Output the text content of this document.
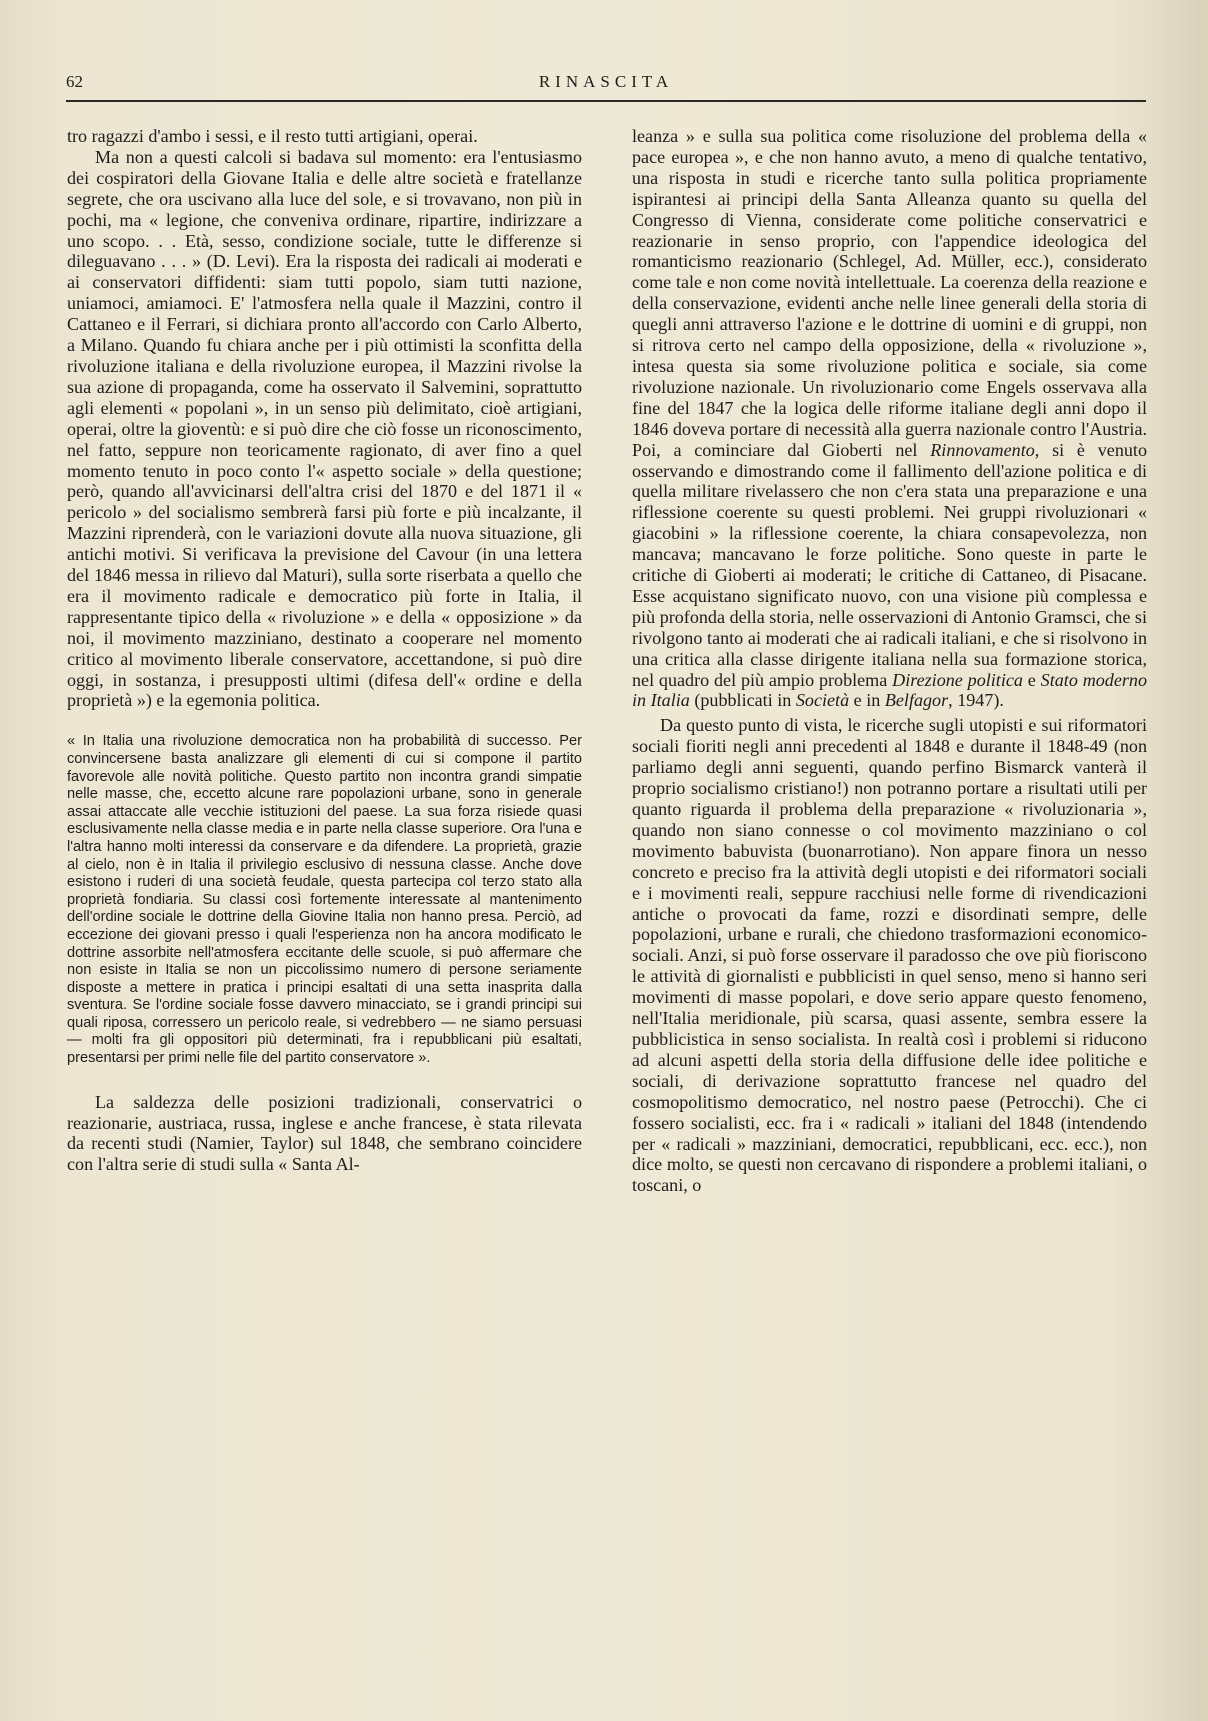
62	RINASCITA

tro ragazzi d'ambo i sessi, e il resto tutti artigiani, operai.

Ma non a questi calcoli si badava sul momento: era l'entusiasmo dei cospiratori della Giovane Italia e delle altre società e fratellanze segrete, che ora uscivano alla luce del sole, e si trovavano, non più in pochi, ma « legione, che conveniva ordinare, ripartire, indirizzare a uno scopo. . . Età, sesso, condizione sociale, tutte le differenze si dileguavano . . . » (D. Levi). Era la risposta dei radicali ai moderati e ai conservatori diffidenti: siam tutti popolo, siam tutti nazione, uniamoci, amiamoci. E' l'atmosfera nella quale il Mazzini, contro il Cattaneo e il Ferrari, si dichiara pronto all'accordo con Carlo Alberto, a Milano. Quando fu chiara anche per i più ottimisti la sconfitta della rivoluzione italiana e della rivoluzione europea, il Mazzini rivolse la sua azione di propaganda, come ha osservato il Salvemini, soprattutto agli elementi « popolani », in un senso più delimitato, cioè artigiani, operai, oltre la gioventù: e si può dire che ciò fosse un riconoscimento, nel fatto, seppure non teoricamente ragionato, di aver fino a quel momento tenuto in poco conto l'« aspetto sociale » della questione; però, quando all'avvicinarsi dell'altra crisi del 1870 e del 1871 il « pericolo » del socialismo sembrerà farsi più forte e più incalzante, il Mazzini riprenderà, con le variazioni dovute alla nuova situazione, gli antichi motivi. Si verificava la previsione del Cavour (in una lettera del 1846 messa in rilievo dal Maturi), sulla sorte riserbata a quello che era il movimento radicale e democratico più forte in Italia, il rappresentante tipico della « rivoluzione » e della « opposizione » da noi, il movimento mazziniano, destinato a cooperare nel momento critico al movimento liberale conservatore, accettandone, si può dire oggi, in sostanza, i presupposti ultimi (difesa dell'« ordine e della proprietà ») e la egemonia politica.

« In Italia una rivoluzione democratica non ha probabilità di successo. Per convincersene basta analizzare gli elementi di cui si compone il partito favorevole alle novità politiche. Questo partito non incontra grandi simpatie nelle masse, che, eccetto alcune rare popolazioni urbane, sono in generale assai attaccate alle vecchie istituzioni del paese. La sua forza risiede quasi esclusivamente nella classe media e in parte nella classe superiore. Ora l'una e l'altra hanno molti interessi da conservare e da difendere. La proprietà, grazie al cielo, non è in Italia il privilegio esclusivo di nessuna classe. Anche dove esistono i ruderi di una società feudale, questa partecipa col terzo stato alla proprietà fondiaria. Su classi così fortemente interessate al mantenimento dell'ordine sociale le dottrine della Giovine Italia non hanno presa. Perciò, ad eccezione dei giovani presso i quali l'esperienza non ha ancora modificato le dottrine assorbite nell'atmosfera eccitante delle scuole, si può affermare che non esiste in Italia se non un piccolissimo numero di persone seriamente disposte a mettere in pratica i principi esaltati di una setta inasprita dalla sventura. Se l'ordine sociale fosse davvero minacciato, se i grandi principi sui quali riposa, corressero un pericolo reale, si vedrebbero — ne siamo persuasi — molti fra gli oppositori più determinati, fra i repubblicani più esaltati, presentarsi per primi nelle file del partito conservatore ».

La saldezza delle posizioni tradizionali, conservatrici o reazionarie, austriaca, russa, inglese e anche francese, è stata rilevata da recenti studi (Namier, Taylor) sul 1848, che sembrano coincidere con l'altra serie di studi sulla « Santa Al-

leanza » e sulla sua politica come risoluzione del problema della « pace europea », e che non hanno avuto, a meno di qualche tentativo, una risposta in studi e ricerche tanto sulla politica propriamente ispirantesi ai principi della Santa Alleanza quanto su quella del Congresso di Vienna, considerate come politiche conservatrici e reazionarie in senso proprio, con l'appendice ideologica del romanticismo reazionario (Schlegel, Ad. Müller, ecc.), considerato come tale e non come novità intellettuale. La coerenza della reazione e della conservazione, evidenti anche nelle linee generali della storia di quegli anni attraverso l'azione e le dottrine di uomini e di gruppi, non si ritrova certo nel campo della opposizione, della « rivoluzione », intesa questa sia some rivoluzione politica e sociale, sia come rivoluzione nazionale. Un rivoluzionario come Engels osservava alla fine del 1847 che la logica delle riforme italiane degli anni dopo il 1846 doveva portare di necessità alla guerra nazionale contro l'Austria. Poi, a cominciare dal Gioberti nel Rinnovamento, si è venuto osservando e dimostrando come il fallimento dell'azione politica e di quella militare rivelassero che non c'era stata una preparazione e una riflessione coerente su questi problemi. Nei gruppi rivoluzionari « giacobini » la riflessione coerente, la chiara consapevolezza, non mancava; mancavano le forze politiche. Sono queste in parte le critiche di Gioberti ai moderati; le critiche di Cattaneo, di Pisacane. Esse acquistano significato nuovo, con una visione più complessa e più profonda della storia, nelle osservazioni di Antonio Gramsci, che si rivolgono tanto ai moderati che ai radicali italiani, e che si risolvono in una critica alla classe dirigente italiana nella sua formazione storica, nel quadro del più ampio problema Direzione politica e Stato moderno in Italia (pubblicati in Società e in Belfagor, 1947).

Da questo punto di vista, le ricerche sugli utopisti e sui riformatori sociali fioriti negli anni precedenti al 1848 e durante il 1848-49 (non parliamo degli anni seguenti, quando perfino Bismarck vanterà il proprio socialismo cristiano!) non potranno portare a risultati utili per quanto riguarda il problema della preparazione « rivoluzionaria », quando non siano connesse o col movimento mazziniano o col movimento babuvista (buonarrotiano). Non appare finora un nesso concreto e preciso fra la attività degli utopisti e dei riformatori sociali e i movimenti reali, seppure racchiusi nelle forme di rivendicazioni antiche o provocati da fame, rozzi e disordinati sempre, delle popolazioni, urbane e rurali, che chiedono trasformazioni economico-sociali. Anzi, si può forse osservare il paradosso che ove più fioriscono le attività di giornalisti e pubblicisti in quel senso, meno si hanno seri movimenti di masse popolari, e dove serio appare questo fenomeno, nell'Italia meridionale, più scarsa, quasi assente, sembra essere la pubblicistica in senso socialista. In realtà così i problemi si riducono ad alcuni aspetti della storia della diffusione delle idee politiche e sociali, di derivazione soprattutto francese nel quadro del cosmopolitismo democratico, nel nostro paese (Petrocchi). Che ci fossero socialisti, ecc. fra i « radicali » italiani del 1848 (intendendo per « radicali » mazziniani, democratici, repubblicani, ecc. ecc.), non dice molto, se questi non cercavano di rispondere a problemi italiani, o toscani, o
